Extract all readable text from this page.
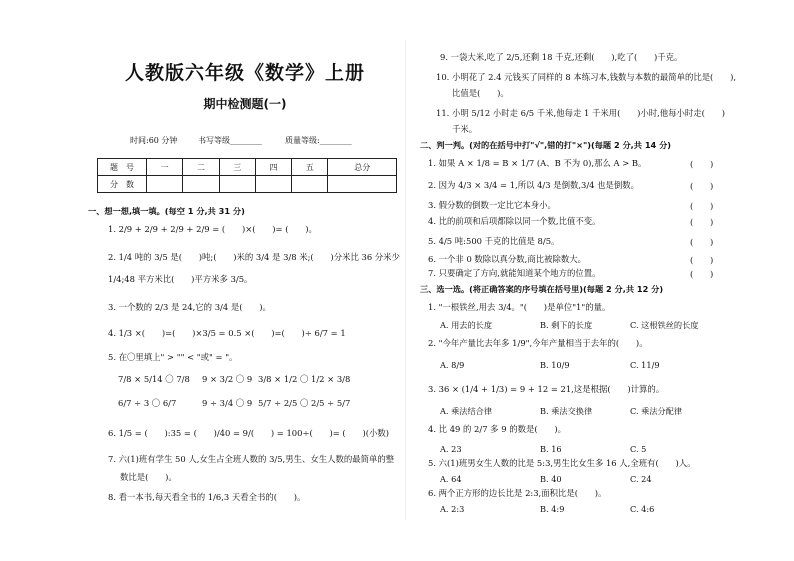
人教版六年级《数学》上册
期中检测题(一)
时间:60 分钟	书写等级________	质量等级:________
题　号	一	二	三	四	五	总分
分　数						
一、想一想,填一填。(每空 1 分,共 31 分)
1. 2/9 + 2/9 + 2/9 + 2/9 = (　　)×(　　)= (　　)。
2. 1/4 吨的 3/5 是(　　)吨;(　　)米的 3/4 是 3/8 米;(　　)分米比 36 分米少
1/4;48 平方米比(　　)平方米多 3/5。
3. 一个数的 2/3 是 24,它的 3/4 是(　　)。
4. 1/3 ×(　　)=(　　)×3/5 = 0.5 ×(　　)=(　　)÷ 6/7 = 1
5. 在〇里填上" > "" < "或" = "。
7/8 × 5/14 〇 7/8 9 × 3/2 〇 9 3/8 × 1/2 〇 1/2 × 3/8
6/7 ÷ 3 〇 6/7	9 ÷ 3/4 〇 9 5/7 ÷ 2/5 〇 2/5 ÷ 5/7
6. 1/5 = (　　):35 = (　　)/40 = 9/(　　) = 100÷(　　)= (　　)(小数)
7. 六(1)班有学生 50 人,女生占全班人数的 3/5,男生、女生人数的最简单的整
数比是(　　)。
8. 看一本书,每天看全书的 1/6,3 天看全书的(　　)。
9. 一袋大米,吃了 2/5,还剩 18 千克,还剩(　　),吃了(　　)千克。
10. 小明花了 2.4 元钱买了同样的 8 本练习本,钱数与本数的最简单的比是(　　),
比值是(　　)。
11. 小明 5/12 小时走 6/5 千米,他每走 1 千米用(　　)小时,他每小时走(　　)
千米。
二、判一判。(对的在括号中打"√",错的打"×")(每题 2 分,共 14 分)
1. 如果 A × 1/8 = B × 1/7 (A、B 不为 0),那么 A > B。	(　　)
2. 因为 4/3 × 3/4 = 1,所以 4/3 是倒数,3/4 也是倒数。	(　　)
3. 假分数的倒数一定比它本身小。	(　　)
4. 比的前项和后项都除以同一个数,比值不变。	(　　)
5. 4/5 吨:500 千克的比值是 8/5。	(　　)
6. 一个非 0 数除以真分数,商比被除数大。	(　　)
7. 只要确定了方向,就能知道某个地方的位置。	(　　)
三、选一选。(将正确答案的序号填在括号里)(每题 2 分,共 12 分)
1. "一根铁丝,用去 3/4。"(　　)是单位"1"的量。
A. 用去的长度	B. 剩下的长度	C. 这根铁丝的长度
2. "今年产量比去年多 1/9",今年产量相当于去年的(　　)。
A. 8/9	B. 10/9	C. 11/9
3. 36 × (1/4 + 1/3) = 9 + 12 = 21,这是根据(　　)计算的。
A. 乘法结合律	B. 乘法交换律	C. 乘法分配律
4. 比 49 的 2/7 多 9 的数是(　　)。
A. 23	B. 16	C. 5
5. 六(1)班男女生人数的比是 5:3,男生比女生多 16 人,全班有(　　)人。
A. 64	B. 40	C. 24
6. 两个正方形的边长比是 2:3,面积比是(　　)。
A. 2:3	B. 4:9	C. 4:6
